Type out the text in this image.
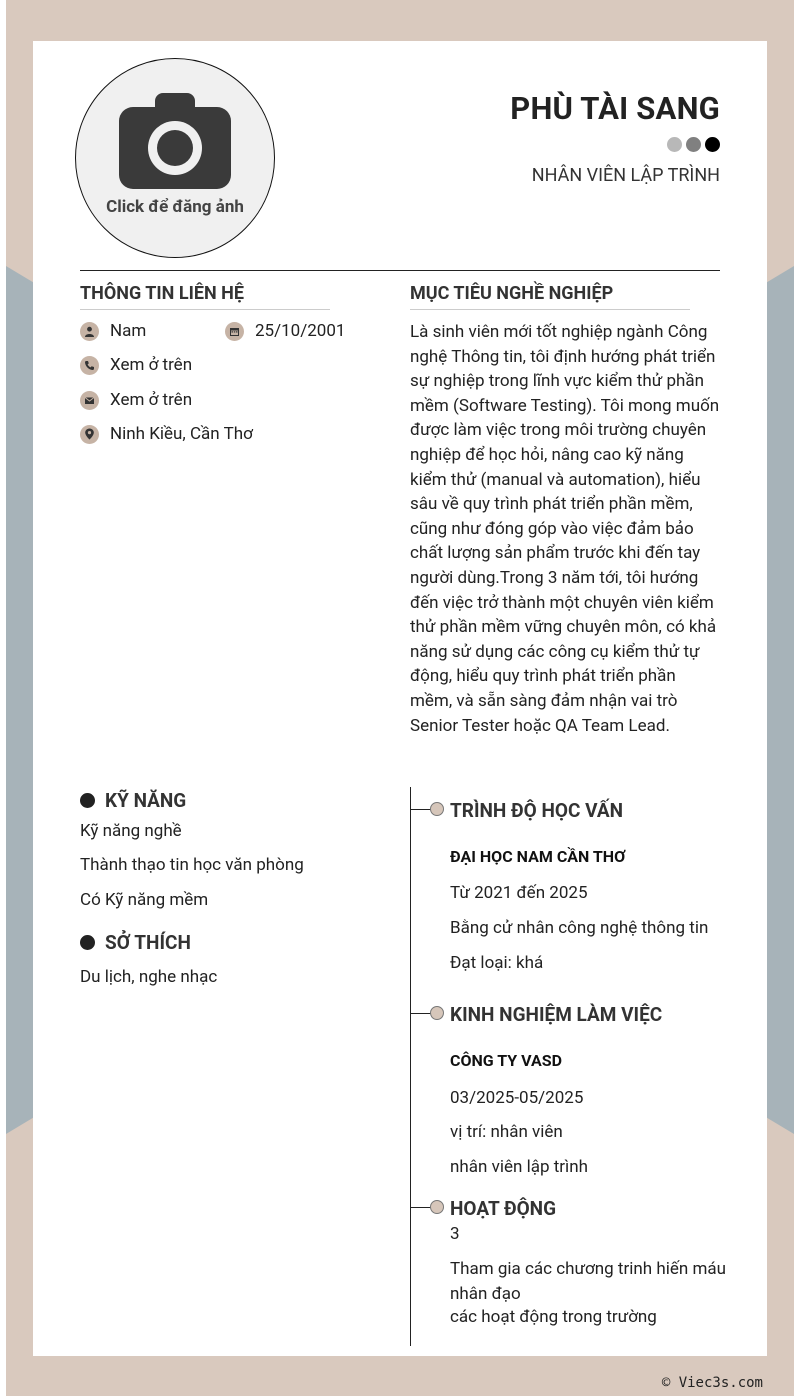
Click để đăng ảnh
PHÙ TÀI SANG
NHÂN VIÊN LẬP TRÌNH
THÔNG TIN LIÊN HỆ
Nam	25/10/2001
Xem ở trên
Xem ở trên
Ninh Kiều, Cần Thơ
MỤC TIÊU NGHỀ NGHIỆP
Là sinh viên mới tốt nghiệp ngành Công nghệ Thông tin, tôi định hướng phát triển sự nghiệp trong lĩnh vực kiểm thử phần mềm (Software Testing). Tôi mong muốn được làm việc trong môi trường chuyên nghiệp để học hỏi, nâng cao kỹ năng kiểm thử (manual và automation), hiểu sâu về quy trình phát triển phần mềm, cũng như đóng góp vào việc đảm bảo chất lượng sản phẩm trước khi đến tay người dùng.Trong 3 năm tới, tôi hướng đến việc trở thành một chuyên viên kiểm thử phần mềm vững chuyên môn, có khả năng sử dụng các công cụ kiểm thử tự động, hiểu quy trình phát triển phần mềm, và sẵn sàng đảm nhận vai trò Senior Tester hoặc QA Team Lead.
KỸ NĂNG
Kỹ năng nghề
Thành thạo tin học văn phòng
Có Kỹ năng mềm
SỞ THÍCH
Du lịch, nghe nhạc
TRÌNH ĐỘ HỌC VẤN
ĐẠI HỌC NAM CẦN THƠ
Từ 2021 đến 2025
Bằng cử nhân công nghệ thông tin
Đạt loại: khá
KINH NGHIỆM LÀM VIỆC
CÔNG TY VASD
03/2025-05/2025
vị trí: nhân viên
nhân viên lập trình
HOẠT ĐỘNG
3
Tham gia các chương trinh hiến máu nhân đạo
các hoạt động trong trường
© Viec3s.com
